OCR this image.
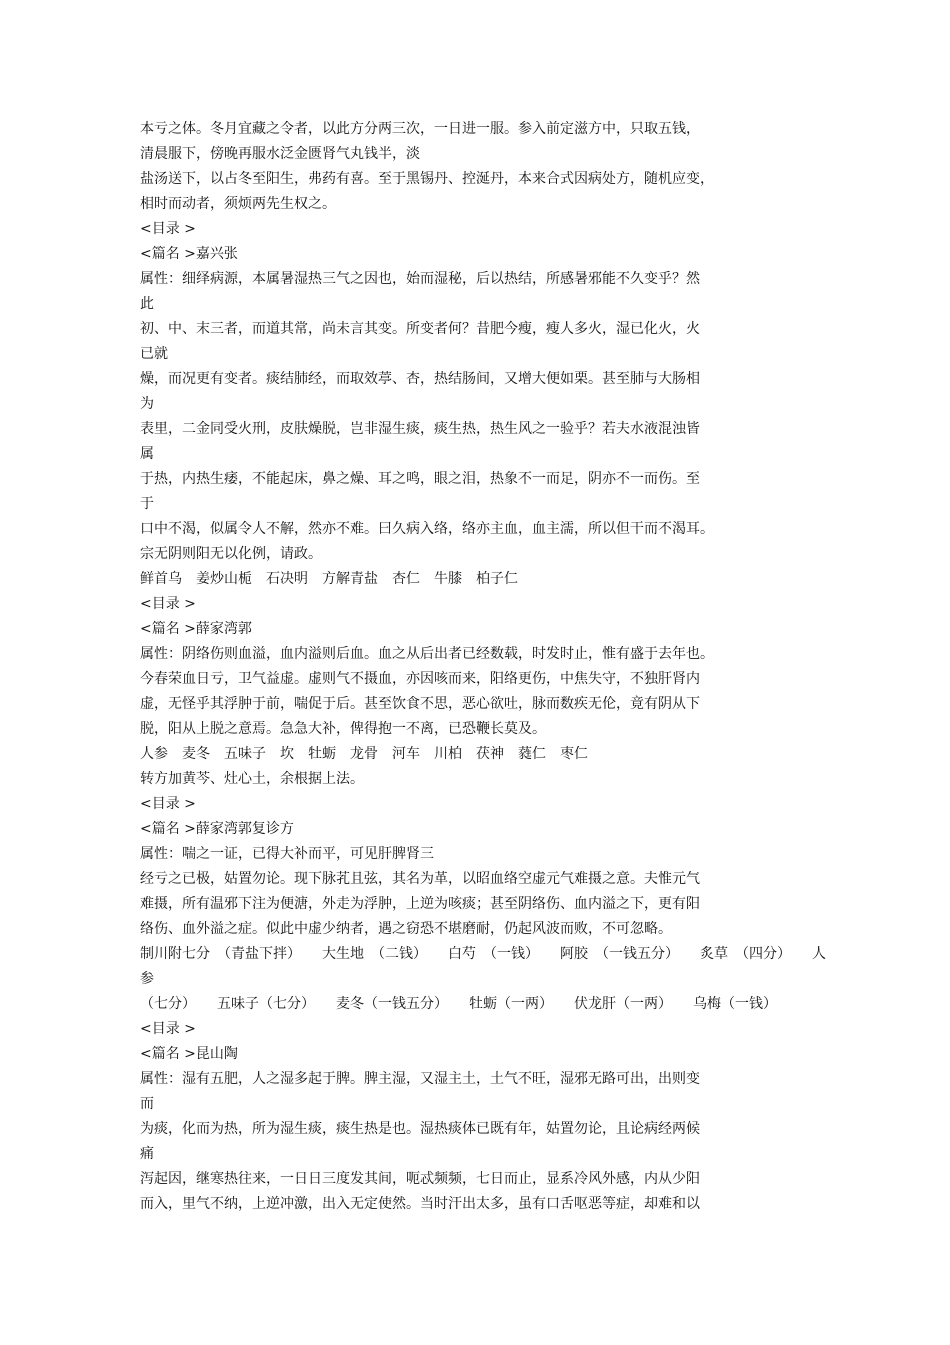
本亏之体。冬月宜藏之令者，以此方分两三次，一日进一服。参入前定滋方中，只取五钱，
清晨服下，傍晚再服水泛金匮肾气丸钱半，淡
盐汤送下，以占冬至阳生，弗药有喜。至于黑锡丹、控涎丹，本来合式因病处方，随机应变，
相时而动者，须烦两先生权之。
<目录 >
<篇名 >嘉兴张
属性：细绎病源，本属暑湿热三气之因也，始而湿秘，后以热结，所感暑邪能不久变乎？然
此
初、中、末三者，而道其常，尚未言其变。所变者何？昔肥今瘦，瘦人多火，湿已化火，火
已就
燥，而况更有变者。痰结肺经，而取效葶、杏，热结肠间，又增大便如栗。甚至肺与大肠相
为
表里，二金同受火刑，皮肤燥脱，岂非湿生痰，痰生热，热生风之一验乎？若夫水液混浊皆
属
于热，内热生痿，不能起床，鼻之燥、耳之鸣，眼之泪，热象不一而足，阴亦不一而伤。至
于
口中不渴，似属令人不解，然亦不难。曰久病入络，络亦主血，血主濡，所以但干而不渴耳。
宗无阴则阳无以化例，请政。
鲜首乌　姜炒山栀　石决明　方解青盐　杏仁　牛膝　柏子仁
<目录 >
<篇名 >薛家湾郭
属性：阴络伤则血溢，血内溢则后血。血之从后出者已经数载，时发时止，惟有盛于去年也。
今春荣血日亏，卫气益虚。虚则气不摄血，亦因咳而来，阳络更伤，中焦失守，不独肝肾内
虚，无怪乎其浮肿于前，喘促于后。甚至饮食不思，恶心欲吐，脉而数疾无伦，竟有阴从下
脱，阳从上脱之意焉。急急大补，俾得抱一不离，已恐鞭长莫及。
人参　麦冬　五味子　坎　牡蛎　龙骨　河车　川柏　茯神　蕤仁　枣仁
转方加黄芩、灶心土，余根据上法。
<目录 >
<篇名 >薛家湾郭复诊方
属性：喘之一证，已得大补而平，可见肝脾肾三
经亏之已极，姑置勿论。现下脉芤且弦，其名为革，以昭血络空虚元气难摄之意。夫惟元气
难摄，所有温邪下注为便溏，外走为浮肿，上逆为咳痰；甚至阴络伤、血内溢之下，更有阳
络伤、血外溢之症。似此中虚少纳者，遇之窃恐不堪磨耐，仍起风波而败，不可忽略。
制川附七分　（青盐下拌）　　大生地　（二钱）　　白芍　（一钱）　　阿胶　（一钱五分）　　炙草　（四分）　　人
参
（七分）　　五味子（七分）　　麦冬（一钱五分）　　牡蛎（一两）　　伏龙肝（一两）　　乌梅（一钱）
<目录 >
<篇名 >昆山陶
属性：湿有五肥，人之湿多起于脾。脾主湿，又湿主土，土气不旺，湿邪无路可出，出则变
而
为痰，化而为热，所为湿生痰，痰生热是也。湿热痰体已既有年，姑置勿论，且论病经两候
痛
泻起因，继寒热往来，一日日三度发其间，呃忒频频，七日而止，显系冷风外感，内从少阳
而入，里气不纳，上逆冲激，出入无定使然。当时汗出太多，虽有口舌呕恶等症，却难和以
